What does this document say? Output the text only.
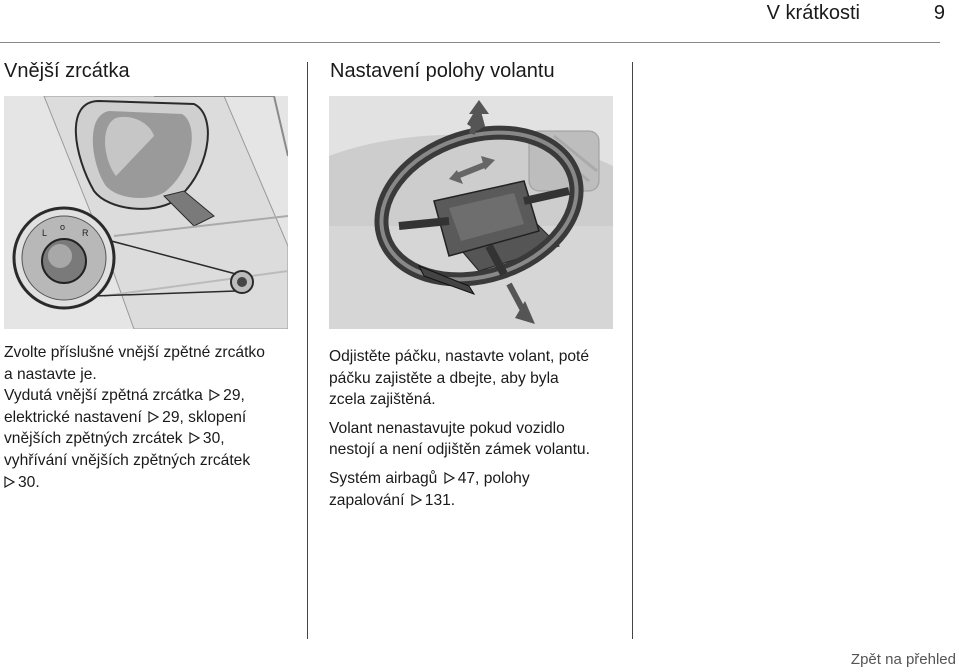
V krátkosti	9
Vnější zrcátka
L
o
R
Zvolte příslušné vnější zpětné zrcátko
a nastavte je.
Vydutá vnější zpětná zrcátka 29,
elektrické nastavení 29, sklopení
vnějších zpětných zrcátek 30,
vyhřívání vnějších zpětných zrcátek
30.
Nastavení polohy volantu

Odjistěte páčku, nastavte volant, poté
páčku zajistěte a dbejte, aby byla
zcela zajištěná.

Volant nenastavujte pokud vozidlo
nestojí a není odjištěn zámek volantu.

Systém airbagů 47, polohy
zapalování 131.

Zpět na přehled
